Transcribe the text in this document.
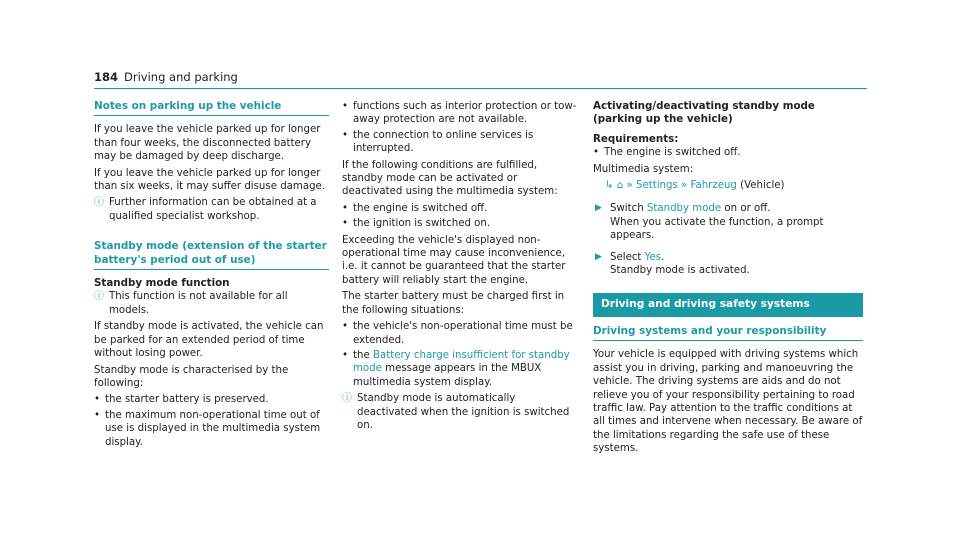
184 Driving and parking
Notes on parking up the vehicle

If you leave the vehicle parked up for longer than four weeks, the disconnected battery may be damaged by deep discharge.

If you leave the vehicle parked up for longer than six weeks, it may suffer disuse damage.

ⓘ Further information can be obtained at a qualified specialist workshop.
Standby mode (extension of the starter battery's period out of use)
Standby mode function
ⓘ This function is not available for all models.

If standby mode is activated, the vehicle can be parked for an extended period of time without losing power.

Standby mode is characterised by the following:

• the starter battery is preserved.
• the maximum non-operational time out of use is displayed in the multimedia system display.
• functions such as interior protection or tow-away protection are not available.
• the connection to online services is interrupted.

If the following conditions are fulfilled, standby mode can be activated or deactivated using the multimedia system:

• the engine is switched off.
• the ignition is switched on.

Exceeding the vehicle's displayed non-operational time may cause inconvenience, i.e. it cannot be guaranteed that the starter battery will reliably start the engine.

The starter battery must be charged first in the following situations:

• the vehicle's non-operational time must be extended.
• the Battery charge insufficient for standby mode message appears in the MBUX multimedia system display.
ⓘ Standby mode is automatically deactivated when the ignition is switched on.
Activating/deactivating standby mode (parking up the vehicle)
Requirements:
• The engine is switched off.

Multimedia system:

↳ ⌂ » Settings » Fahrzeug (Vehicle)
▶ Switch Standby mode on or off.
When you activate the function, a prompt appears.
▶ Select Yes.
Standby mode is activated.
Driving and driving safety systems
Driving systems and your responsibility

Your vehicle is equipped with driving systems which assist you in driving, parking and manoeuvring the vehicle. The driving systems are aids and do not relieve you of your responsibility pertaining to road traffic law. Pay attention to the traffic conditions at all times and intervene when necessary. Be aware of the limitations regarding the safe use of these systems.
